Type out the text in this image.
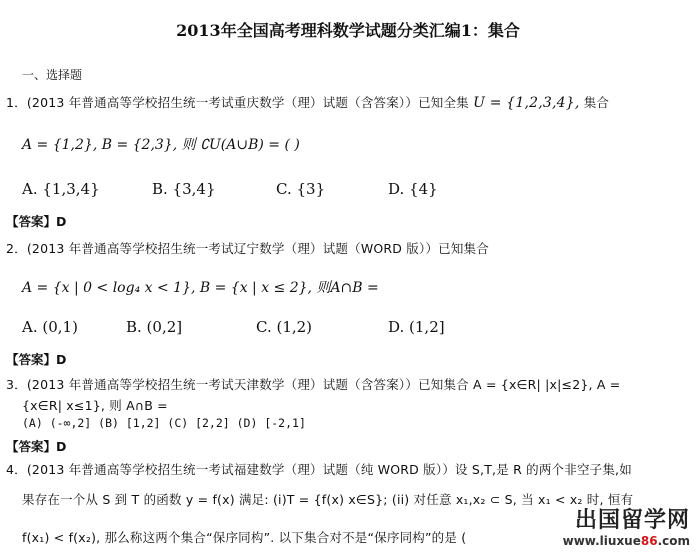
2013年全国高考理科数学试题分类汇编1：集合
一、选择题
1．(2013 年普通高等学校招生统一考试重庆数学（理）试题（含答案））已知全集 U = {1,2,3,4}, 集合
A = {1,2}, B = {2,3}, 则 ∁U(A∪B) = ( )
A. {1,3,4}	B. {3,4}	C. {3}	D. {4}
【答案】D
2．(2013 年普通高等学校招生统一考试辽宁数学（理）试题（WORD 版））已知集合
A = {x | 0 < log₄ x < 1}, B = {x | x ≤ 2}, 则A∩B =
A. (0,1)	B. (0,2]	C. (1,2)	D. (1,2]
【答案】D
3．(2013 年普通高等学校招生统一考试天津数学（理）试题（含答案））已知集合 A = {x∈R| |x|≤2}, A =
{x∈R| x≤1}, 则 A∩B =
(A) (-∞,2] (B) [1,2] (C) [2,2] (D) [-2,1]
【答案】D
4．(2013 年普通高等学校招生统一考试福建数学（理）试题（纯 WORD 版））设 S,T,是 R 的两个非空子集,如
果存在一个从 S 到 T 的函数 y = f(x) 满足: (i)T = {f(x) x∈S}; (ii) 对任意 x₁,x₂ ⊂ S, 当 x₁ < x₂ 时, 恒有
f(x₁) < f(x₂), 那么称这两个集合“保序同构”. 以下集合对不是“保序同构”的是 (
出国留学网
www.liuxue86.com
